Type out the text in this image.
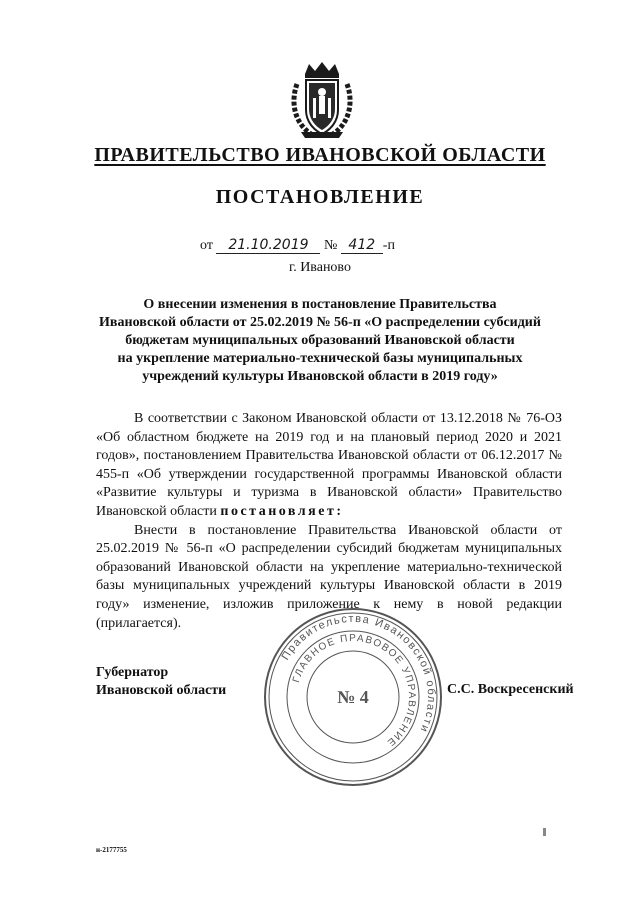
ПРАВИТЕЛЬСТВО ИВАНОВСКОЙ ОБЛАСТИ
ПОСТАНОВЛЕНИЕ
от 21.10.2019 № 412 -п
г. Иваново
О внесении изменения в постановление Правительства
Ивановской области от 25.02.2019 № 56-п «О распределении субсидий
бюджетам муниципальных образований Ивановской области
на укрепление материально-технической базы муниципальных
учреждений культуры Ивановской области в 2019 году»
В соответствии с Законом Ивановской области от 13.12.2018 № 76-ОЗ «Об областном бюджете на 2019 год и на плановый период 2020 и 2021 годов», постановлением Правительства Ивановской области от 06.12.2017 № 455-п «Об утверждении государственной программы Ивановской области «Развитие культуры и туризма в Ивановской области» Правительство Ивановской области постановляет:
Внести в постановление Правительства Ивановской области от 25.02.2019 № 56-п «О распределении субсидий бюджетам муниципальных образований Ивановской области на укрепление материально-технической базы муниципальных учреждений культуры Ивановской области в 2019 году» изменение, изложив приложение к нему в новой редакции (прилагается).
Правительства Ивановской области
ГЛАВНОЕ ПРАВОВОЕ УПРАВЛЕНИЕ
№ 4
Губернатор
Ивановской области	С.С. Воскресенский
н-2177755
